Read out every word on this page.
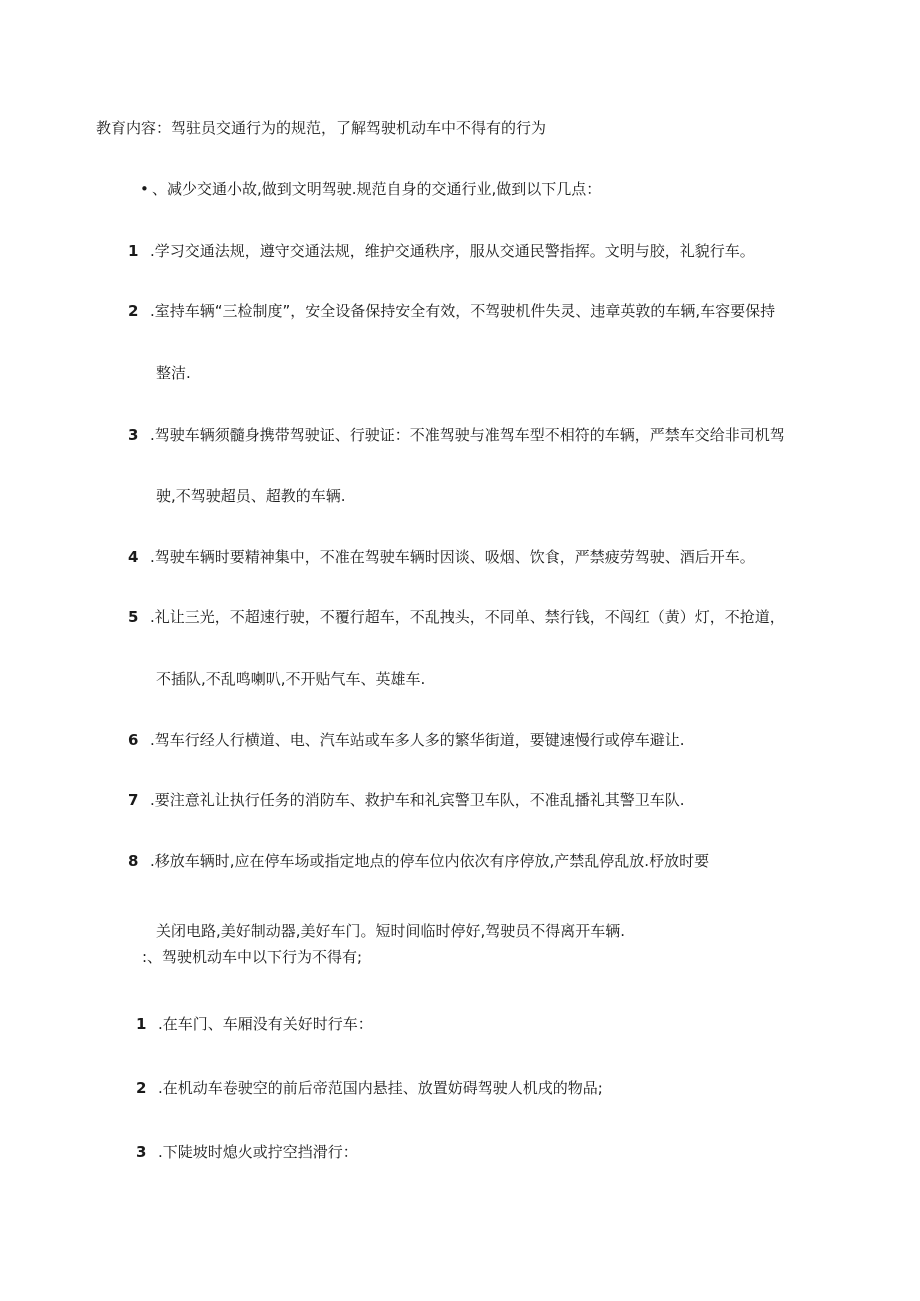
教育内容：驾驻员交通行为的规范，了解驾驶机动车中不得有的行为
• 、减少交通小故,做到文明驾驶.规范自身的交通行业,做到以下几点：
1 .学习交通法规，遵守交通法规，维护交通秩序，服从交通民警指挥。文明与胶，礼貌行车。
2 .室持车辆“三检制度”，安全设备保持安全有效，不驾驶机件失灵、违章英敦的车辆,车容要保持
整洁.
3 .驾驶车辆须髓身携带驾驶证、行驶证：不准驾驶与准驾车型不相符的车辆，严禁车交给非司机驾
驶,不驾驶超员、超教的车辆.
4 .驾驶车辆时要精神集中，不准在驾驶车辆时因谈、吸烟、饮食，严禁疲劳驾驶、酒后开车。
5 .礼让三光，不超速行驶，不覆行超车，不乱拽头，不同单、禁行钱，不闯红（黄）灯，不抢道，
不插队,不乱鸣喇叭,不开贴气车、英雄车.
6 .驾车行经人行横道、电、汽车站或车多人多的繁华街道，要键速慢行或停车避让.
7 .要注意礼让执行任务的消防车、救护车和礼宾警卫车队，不准乱播礼其警卫车队.
8 .移放车辆时,应在停车场或指定地点的停车位内依次有序停放,产禁乱停乱放.杼放时要
关闭电路,美好制动器,美好车门。短时间临时停好,驾驶员不得离开车辆.
:、驾驶机动车中以下行为不得有;
1 .在车门、车厢没有关好时行车：
2 .在机动车卷驶空的前后帝范国内悬挂、放置妨碍驾驶人机戌的物品;
3 .下陡坡时熄火或拧空挡滑行：
